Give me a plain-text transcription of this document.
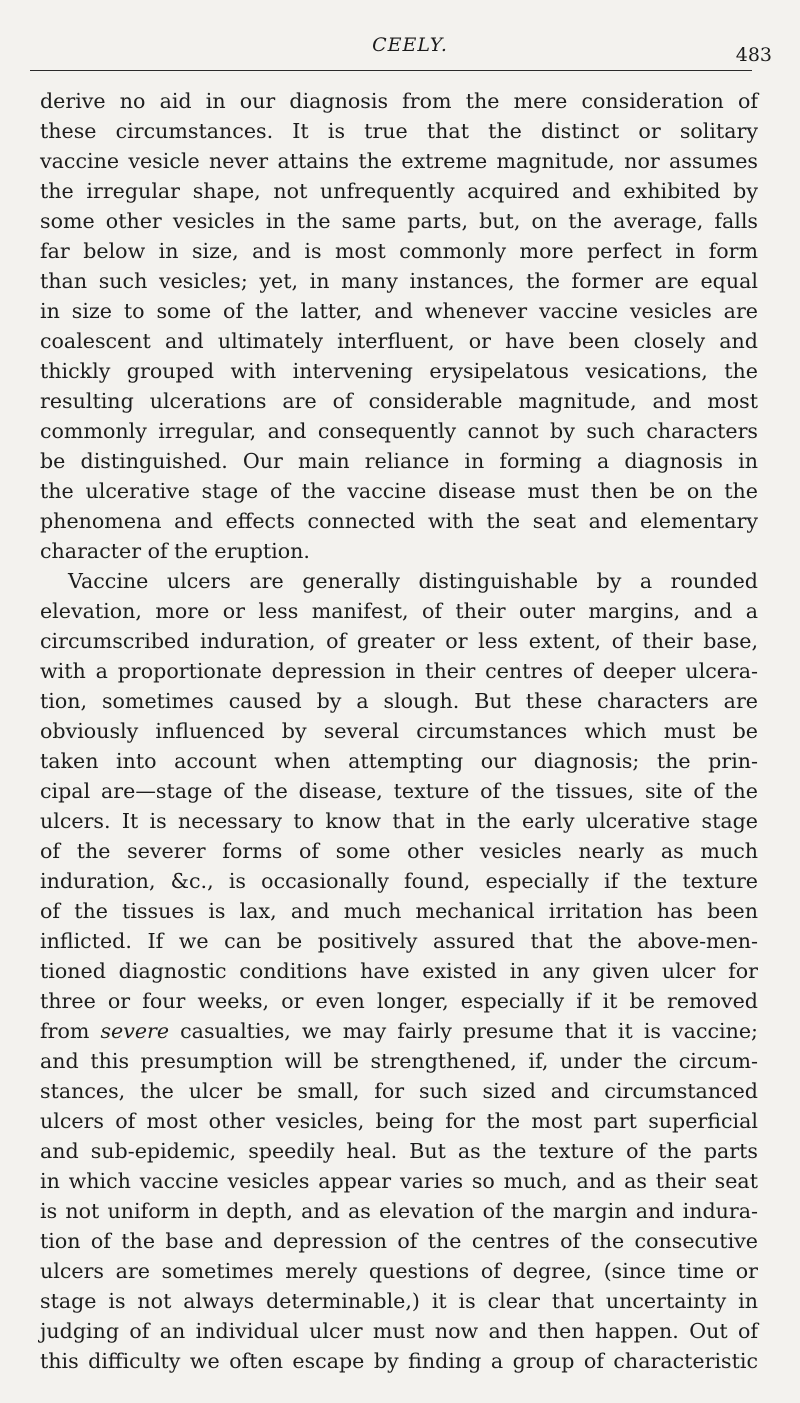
CEELY.	483
derive no aid in our diagnosis from the mere consideration of
these circumstances. It is true that the distinct or solitary
vaccine vesicle never attains the extreme magnitude, nor assumes
the irregular shape, not unfrequently acquired and exhibited by
some other vesicles in the same parts, but, on the average, falls
far below in size, and is most commonly more perfect in form
than such vesicles; yet, in many instances, the former are equal
in size to some of the latter, and whenever vaccine vesicles are
coalescent and ultimately interfluent, or have been closely and
thickly grouped with intervening erysipelatous vesications, the
resulting ulcerations are of considerable magnitude, and most
commonly irregular, and consequently cannot by such characters
be distinguished. Our main reliance in forming a diagnosis in
the ulcerative stage of the vaccine disease must then be on the
phenomena and effects connected with the seat and elementary
character of the eruption.
Vaccine ulcers are generally distinguishable by a rounded
elevation, more or less manifest, of their outer margins, and a
circumscribed induration, of greater or less extent, of their base,
with a proportionate depression in their centres of deeper ulcera-
tion, sometimes caused by a slough. But these characters are
obviously influenced by several circumstances which must be
taken into account when attempting our diagnosis; the prin-
cipal are—stage of the disease, texture of the tissues, site of the
ulcers. It is necessary to know that in the early ulcerative stage
of the severer forms of some other vesicles nearly as much
induration, &c., is occasionally found, especially if the texture
of the tissues is lax, and much mechanical irritation has been
inflicted. If we can be positively assured that the above-men-
tioned diagnostic conditions have existed in any given ulcer for
three or four weeks, or even longer, especially if it be removed
from severe casualties, we may fairly presume that it is vaccine;
and this presumption will be strengthened, if, under the circum-
stances, the ulcer be small, for such sized and circumstanced
ulcers of most other vesicles, being for the most part superficial
and sub-epidemic, speedily heal. But as the texture of the parts
in which vaccine vesicles appear varies so much, and as their seat
is not uniform in depth, and as elevation of the margin and indura-
tion of the base and depression of the centres of the consecutive
ulcers are sometimes merely questions of degree, (since time or
stage is not always determinable,) it is clear that uncertainty in
judging of an individual ulcer must now and then happen. Out of
this difficulty we often escape by finding a group of characteristic
